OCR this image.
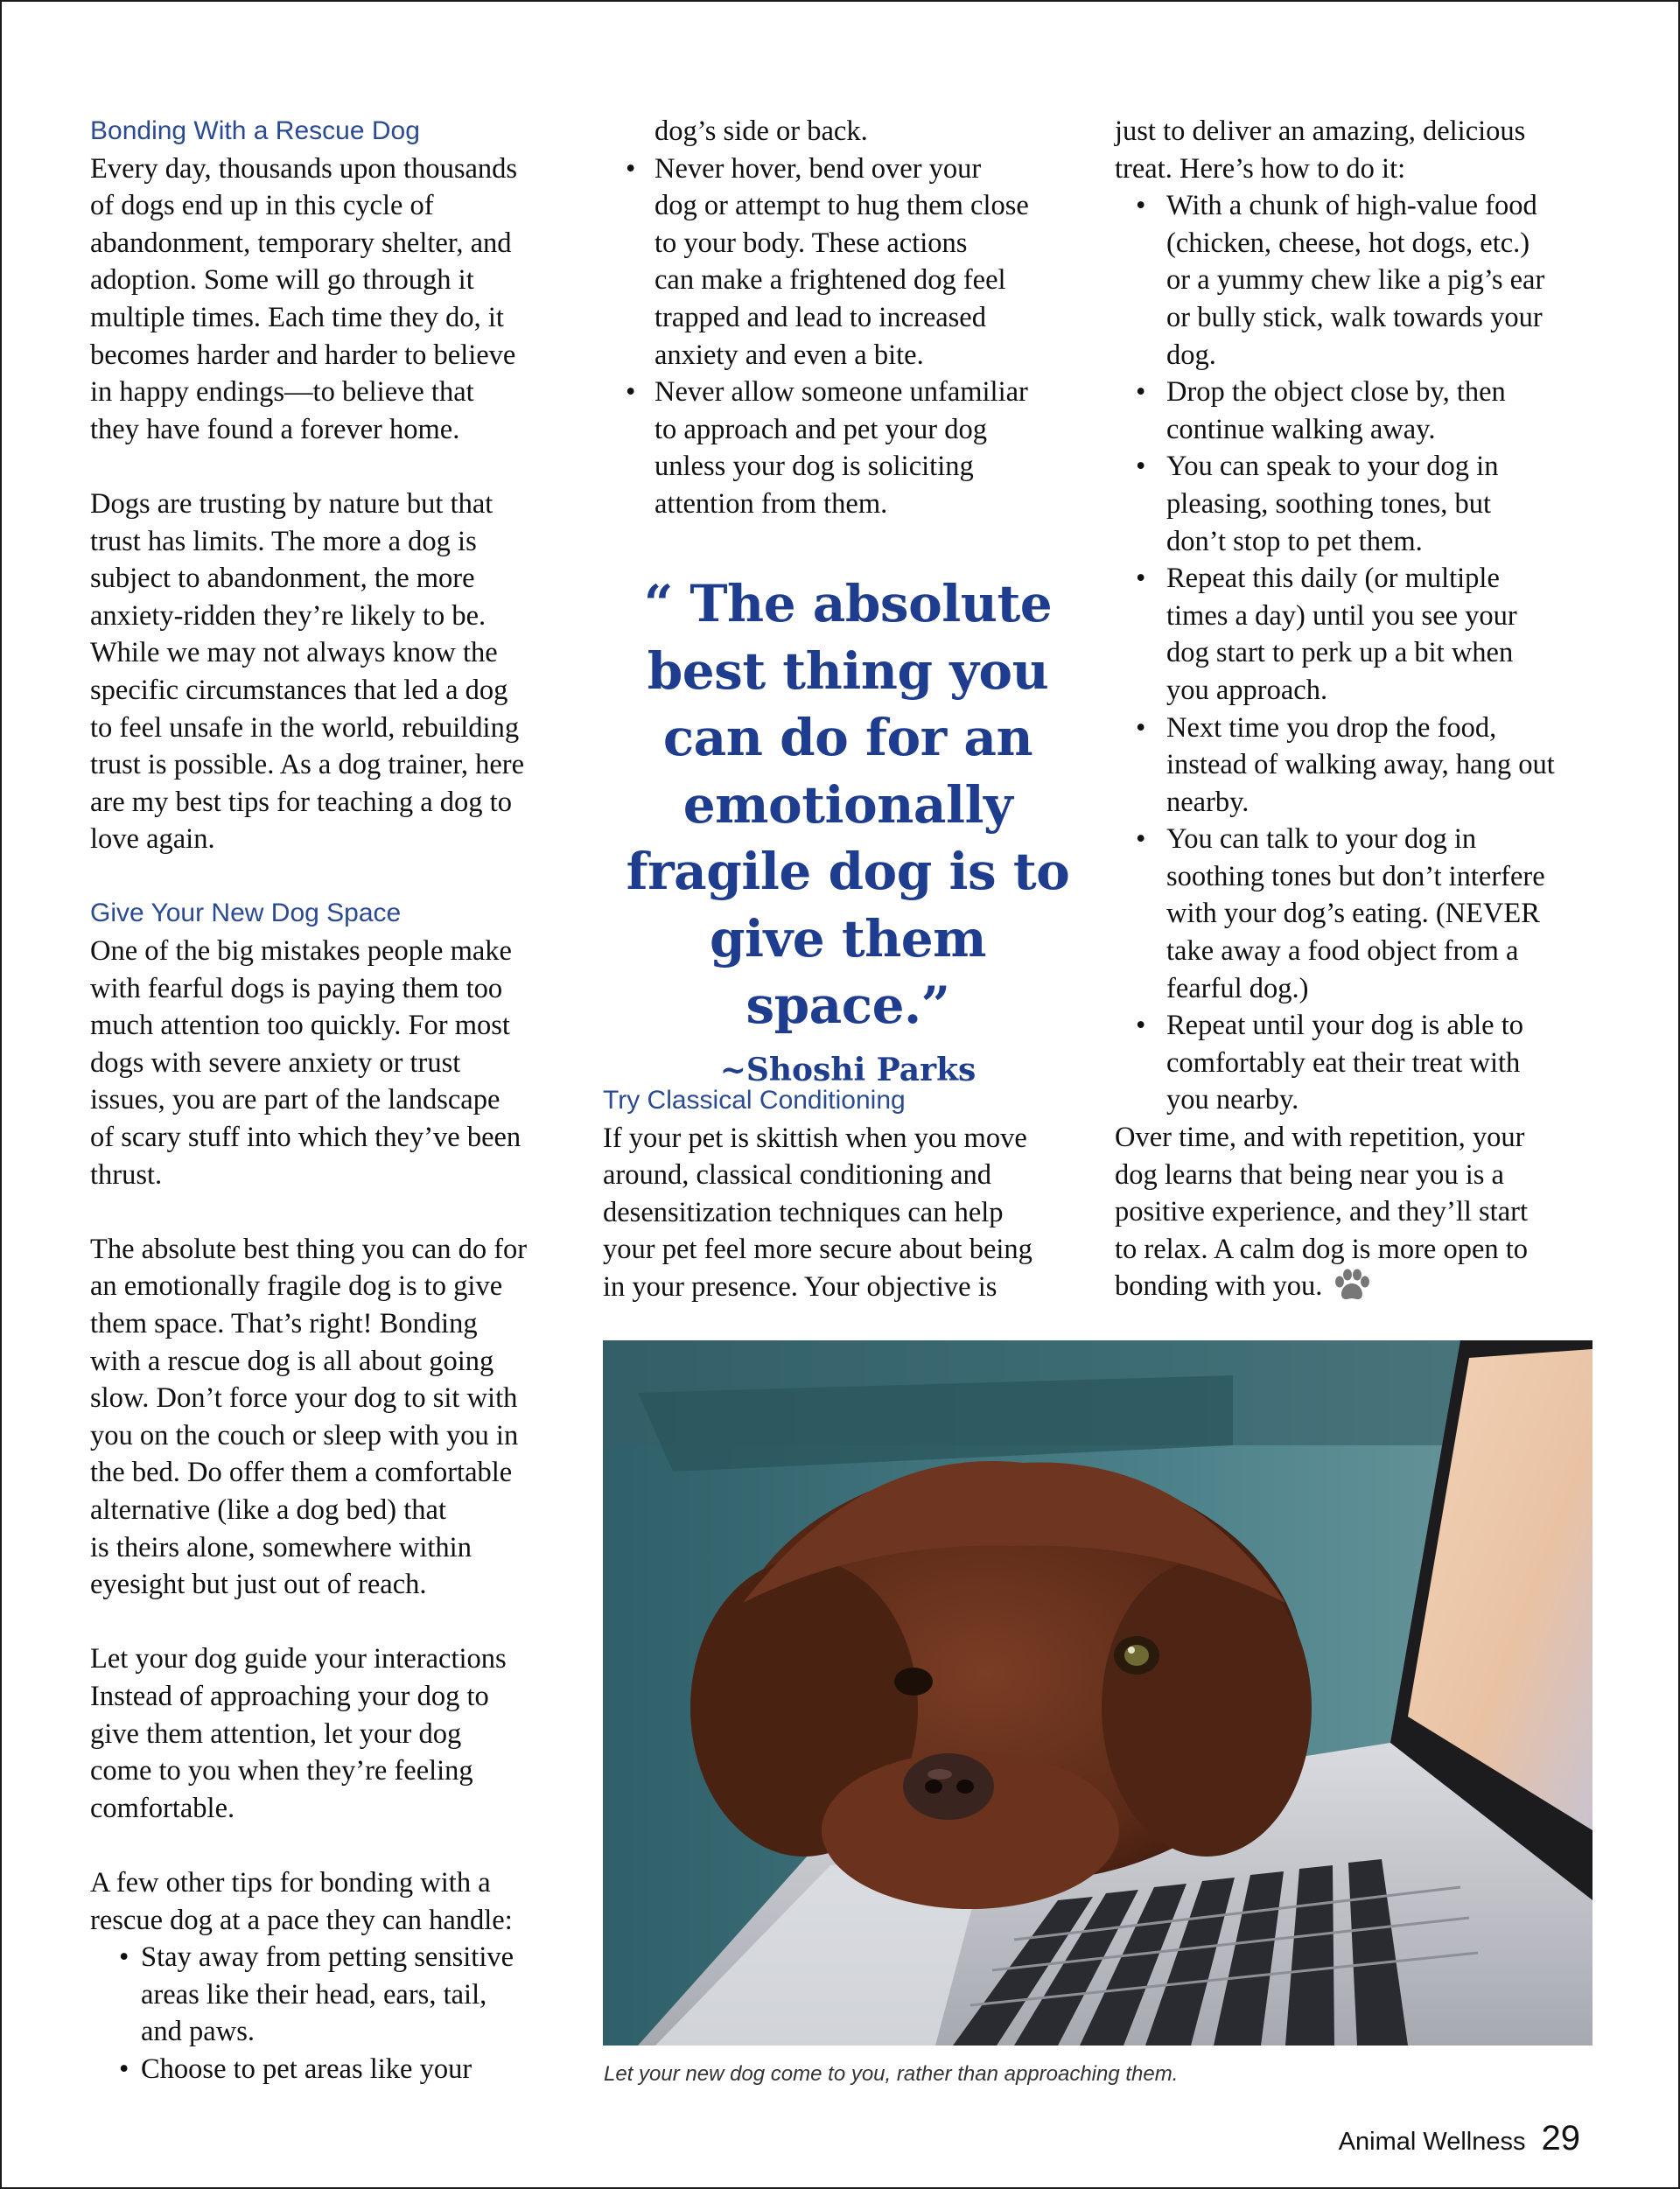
Bonding With a Rescue Dog

Every day, thousands upon thousands
of dogs end up in this cycle of
abandonment, temporary shelter, and
adoption. Some will go through it
multiple times. Each time they do, it
becomes harder and harder to believe
in happy endings—to believe that
they have found a forever home.

Dogs are trusting by nature but that
trust has limits. The more a dog is
subject to abandonment, the more
anxiety-ridden they’re likely to be.
While we may not always know the
specific circumstances that led a dog
to feel unsafe in the world, rebuilding
trust is possible. As a dog trainer, here
are my best tips for teaching a dog to
love again.

Give Your New Dog Space

One of the big mistakes people make
with fearful dogs is paying them too
much attention too quickly. For most
dogs with severe anxiety or trust
issues, you are part of the landscape
of scary stuff into which they’ve been
thrust.

The absolute best thing you can do for
an emotionally fragile dog is to give
them space. That’s right! Bonding
with a rescue dog is all about going
slow. Don’t force your dog to sit with
you on the couch or sleep with you in
the bed. Do offer them a comfortable
alternative (like a dog bed) that
is theirs alone, somewhere within
eyesight but just out of reach.

Let your dog guide your interactions
Instead of approaching your dog to
give them attention, let your dog
come to you when they’re feeling
comfortable.

A few other tips for bonding with a
rescue dog at a pace they can handle:

• Stay away from petting sensitive
areas like their head, ears, tail,
and paws.
• Choose to pet areas like your

dog’s side or back.

• Never hover, bend over your
dog or attempt to hug them close
to your body. These actions
can make a frightened dog feel
trapped and lead to increased
anxiety and even a bite.
• Never allow someone unfamiliar
to approach and pet your dog
unless your dog is soliciting
attention from them.
“ The absolute
best thing you
can do for an
emotionally
fragile dog is to
give them space.”
~Shoshi Parks

Try Classical Conditioning

If your pet is skittish when you move
around, classical conditioning and
desensitization techniques can help
your pet feel more secure about being
in your presence. Your objective is

just to deliver an amazing, delicious
treat. Here’s how to do it:

• With a chunk of high-value food
(chicken, cheese, hot dogs, etc.)
or a yummy chew like a pig’s ear
or bully stick, walk towards your
dog.
• Drop the object close by, then
continue walking away.
• You can speak to your dog in
pleasing, soothing tones, but
don’t stop to pet them.
• Repeat this daily (or multiple
times a day) until you see your
dog start to perk up a bit when
you approach.
• Next time you drop the food,
instead of walking away, hang out
nearby.
• You can talk to your dog in
soothing tones but don’t interfere
with your dog’s eating. (NEVER
take away a food object from a
fearful dog.)
• Repeat until your dog is able to
comfortably eat their treat with
you nearby.

Over time, and with repetition, your
dog learns that being near you is a
positive experience, and they’ll start
to relax. A calm dog is more open to
bonding with you.

Let your new dog come to you, rather than approaching them.
Animal Wellness 29
